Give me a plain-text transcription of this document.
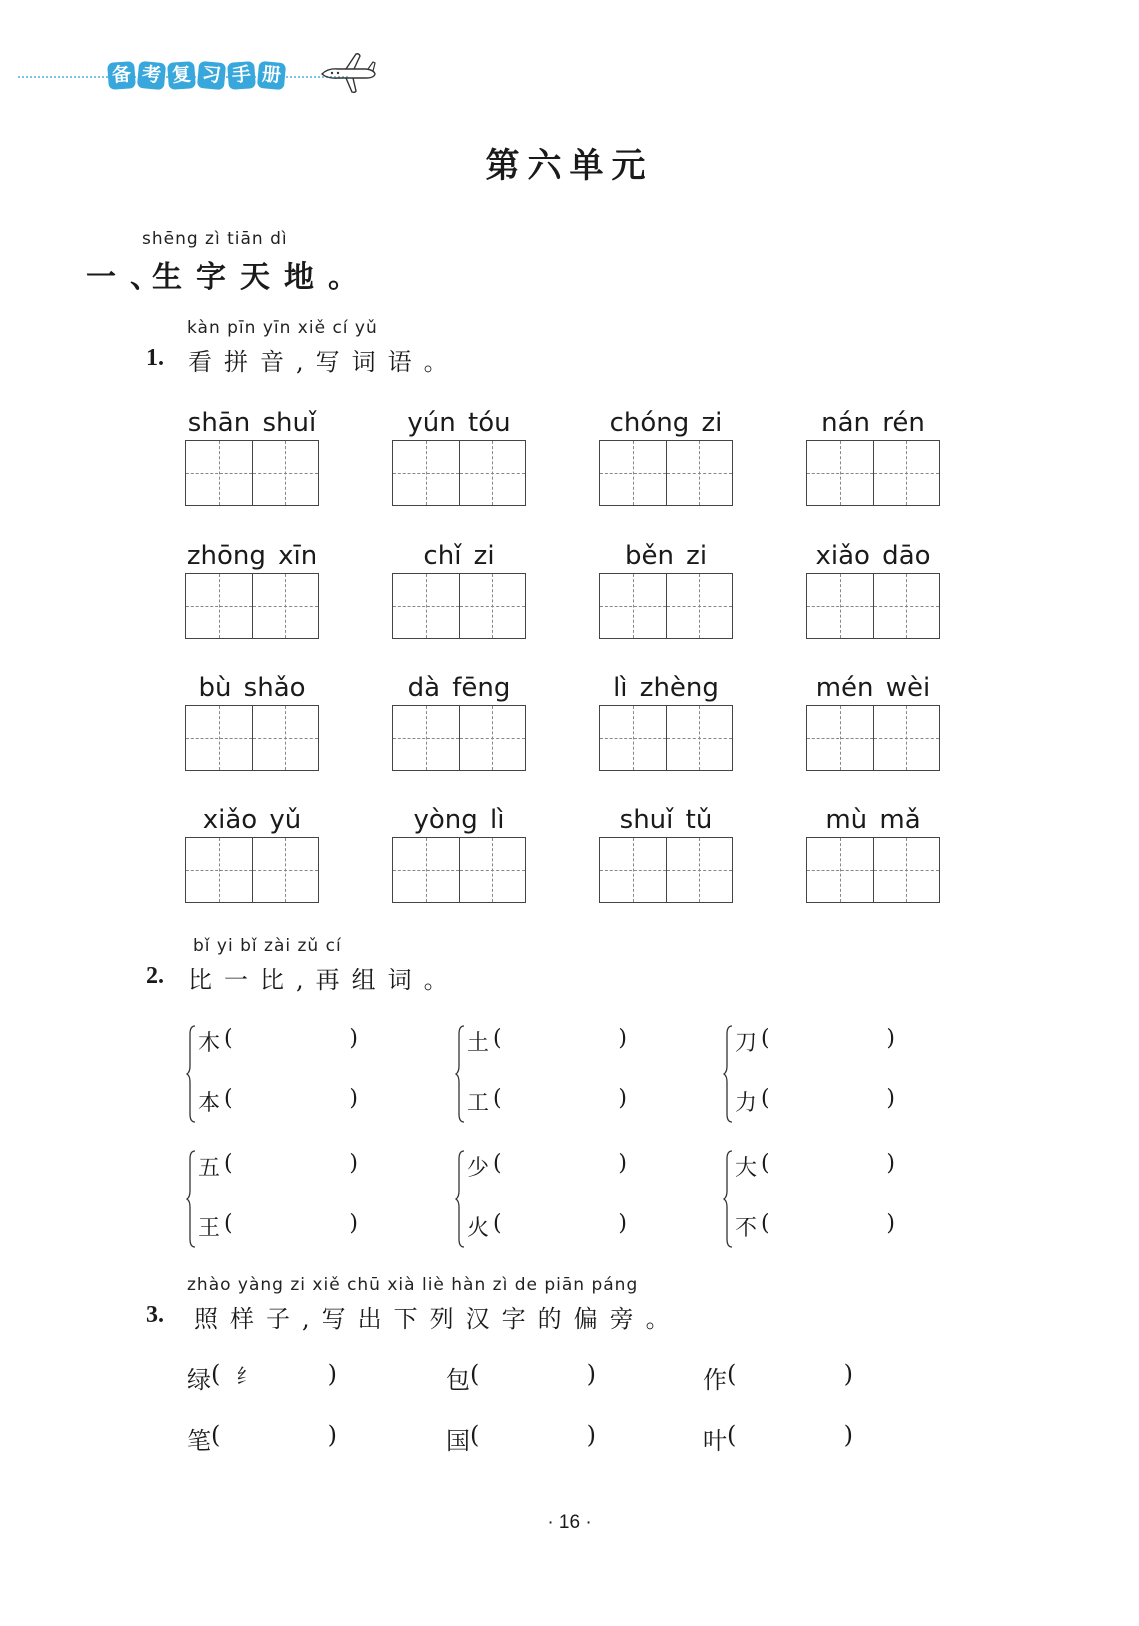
备 考 复 习 手 册
第六单元
shēng zì tiān dì
一、
生字天地。
kàn pīn yīn xiě cí yǔ
1. 看拼音,写词语。
shān shuǐ	yún tóu	chóng zi	nán rén
zhōng xīn	chǐ zi	běn zi	xiǎo dāo
bù shǎo	dà fēng	lì zhèng	mén wèi
xiǎo yǔ	yòng lì	shuǐ tǔ	mù mǎ
bǐ yi bǐ zài zǔ cí
2. 比一比,再组词。
木 (	)
本 (	)
土 (	)
工 (	)
刀 (	)
力 (	)
五 (	)
王 (	)
少 (	)
火 (	)
大 (	)
不 (	)
zhào yàng zi xiě chū xià liè hàn zì de piān páng
3. 照样子,写出下列汉字的偏旁。
绿 ( 纟	)	包 (	)	作 (	)
笔 (	)	国 (	)	叶 (	)
· 16 ·
